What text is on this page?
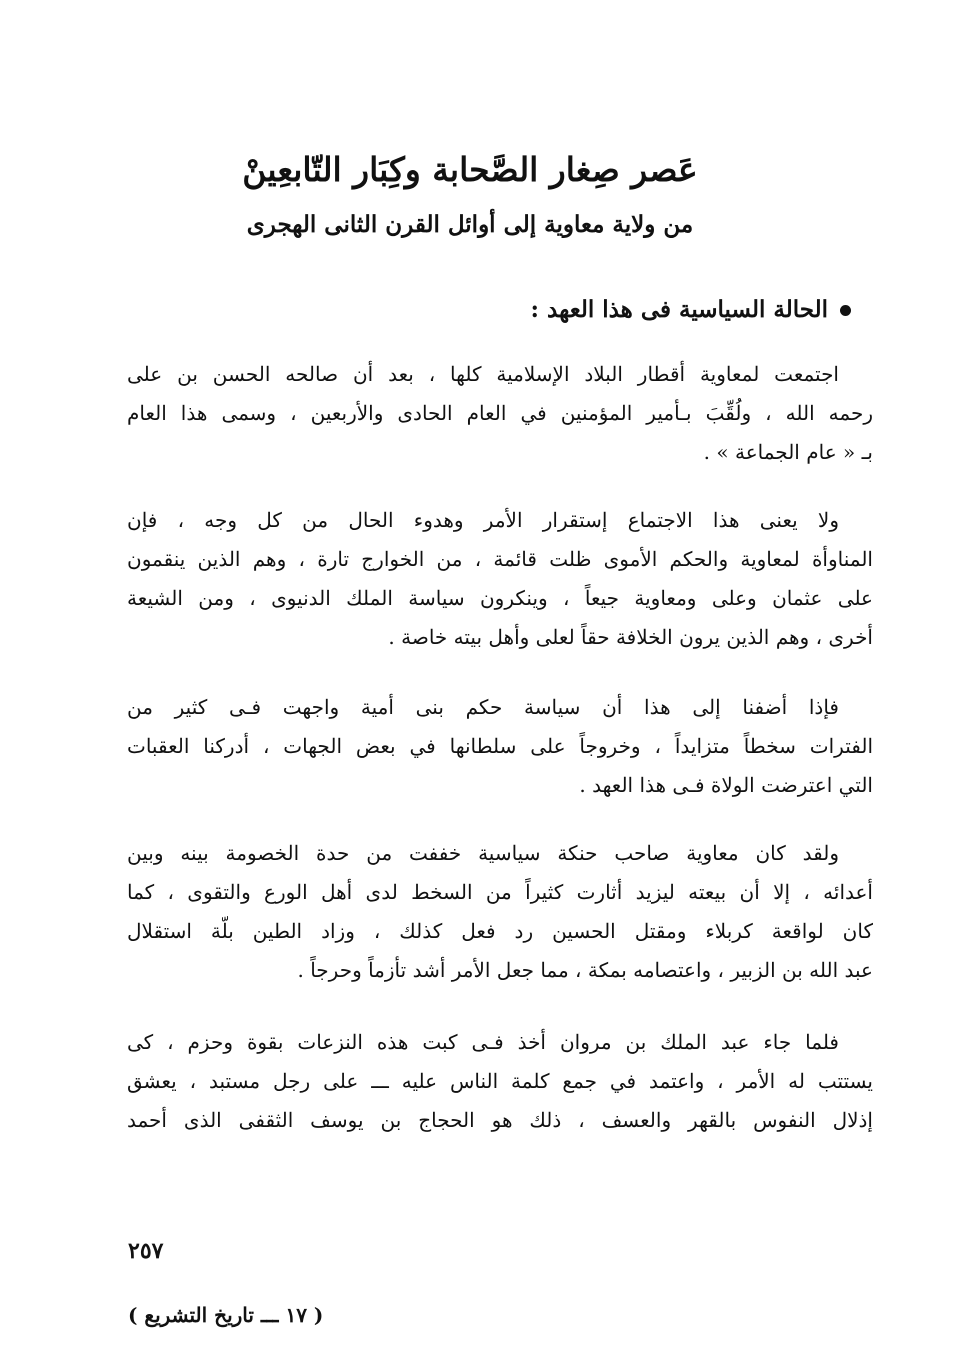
عَصر صِغار الصَّحابة وكِبَار التّابعِينْ
من ولاية معاوية إلى أوائل القرن الثانى الهجرى
الحالة السياسية فى هذا العهد :
اجتمعت لمعاوية أقطار البلاد الإسلامية كلها ، بعد أن صالحه الحسن بن على
رحمه الله ، ولُقِّبَ بـأمير المؤمنين في العام الحادى والأربعين ، وسمى هذا العام
بـ « عام الجماعة » .
ولا يعنى هذا الاجتماع إستقرار الأمر وهدوء الحال من كل وجه ، فإن
المناوأة لمعاوية والحكم الأموى ظلت قائمة ، من الخوارج تارة ، وهم الذين ينقمون
على عثمان وعلى ومعاوية جيعاً ، وينكرون سياسة الملك الدنيوى ، ومن الشيعة
أخرى ، وهم الذين يرون الخلافة حقاً لعلى وأهل بيته خاصة .
فإذا أضفنا إلى هذا أن سياسة حكم بنى أمية واجهت فـى كثير من
الفترات سخطاً متزايداً ، وخروجاً على سلطانها في بعض الجهات ، أدركنا العقبات
التي اعترضت الولاة فـى هذا العهد .
ولقد كان معاوية صاحب حنكة سياسية خففت من حدة الخصومة بينه وبين
أعدائه ، إلا أن بيعته ليزيد أثارت كثيراً من السخط لدى أهل الورع والتقوى ، كما
كان لواقعة كربلاء ومقتل الحسين رد فعل كذلك ، وزاد الطين بلّة استقلال
عبد الله بن الزبير ، واعتصامه بمكة ، مما جعل الأمر أشد تأزماً وحرجاً .
فلما جاء عبد الملك بن مروان أخذ فـى كبت هذه النزعات بقوة وحزم ، كى
يستتب له الأمر ، واعتمد في جمع كلمة الناس عليه ـــ على رجل مستبد ، يعشق
إذلال النفوس بالقهر والعسف ، ذلك هو الحجاج بن يوسف الثقفى الذى أحمد
٢٥٧
( ١٧ ـــ تاريخ التشريع )
